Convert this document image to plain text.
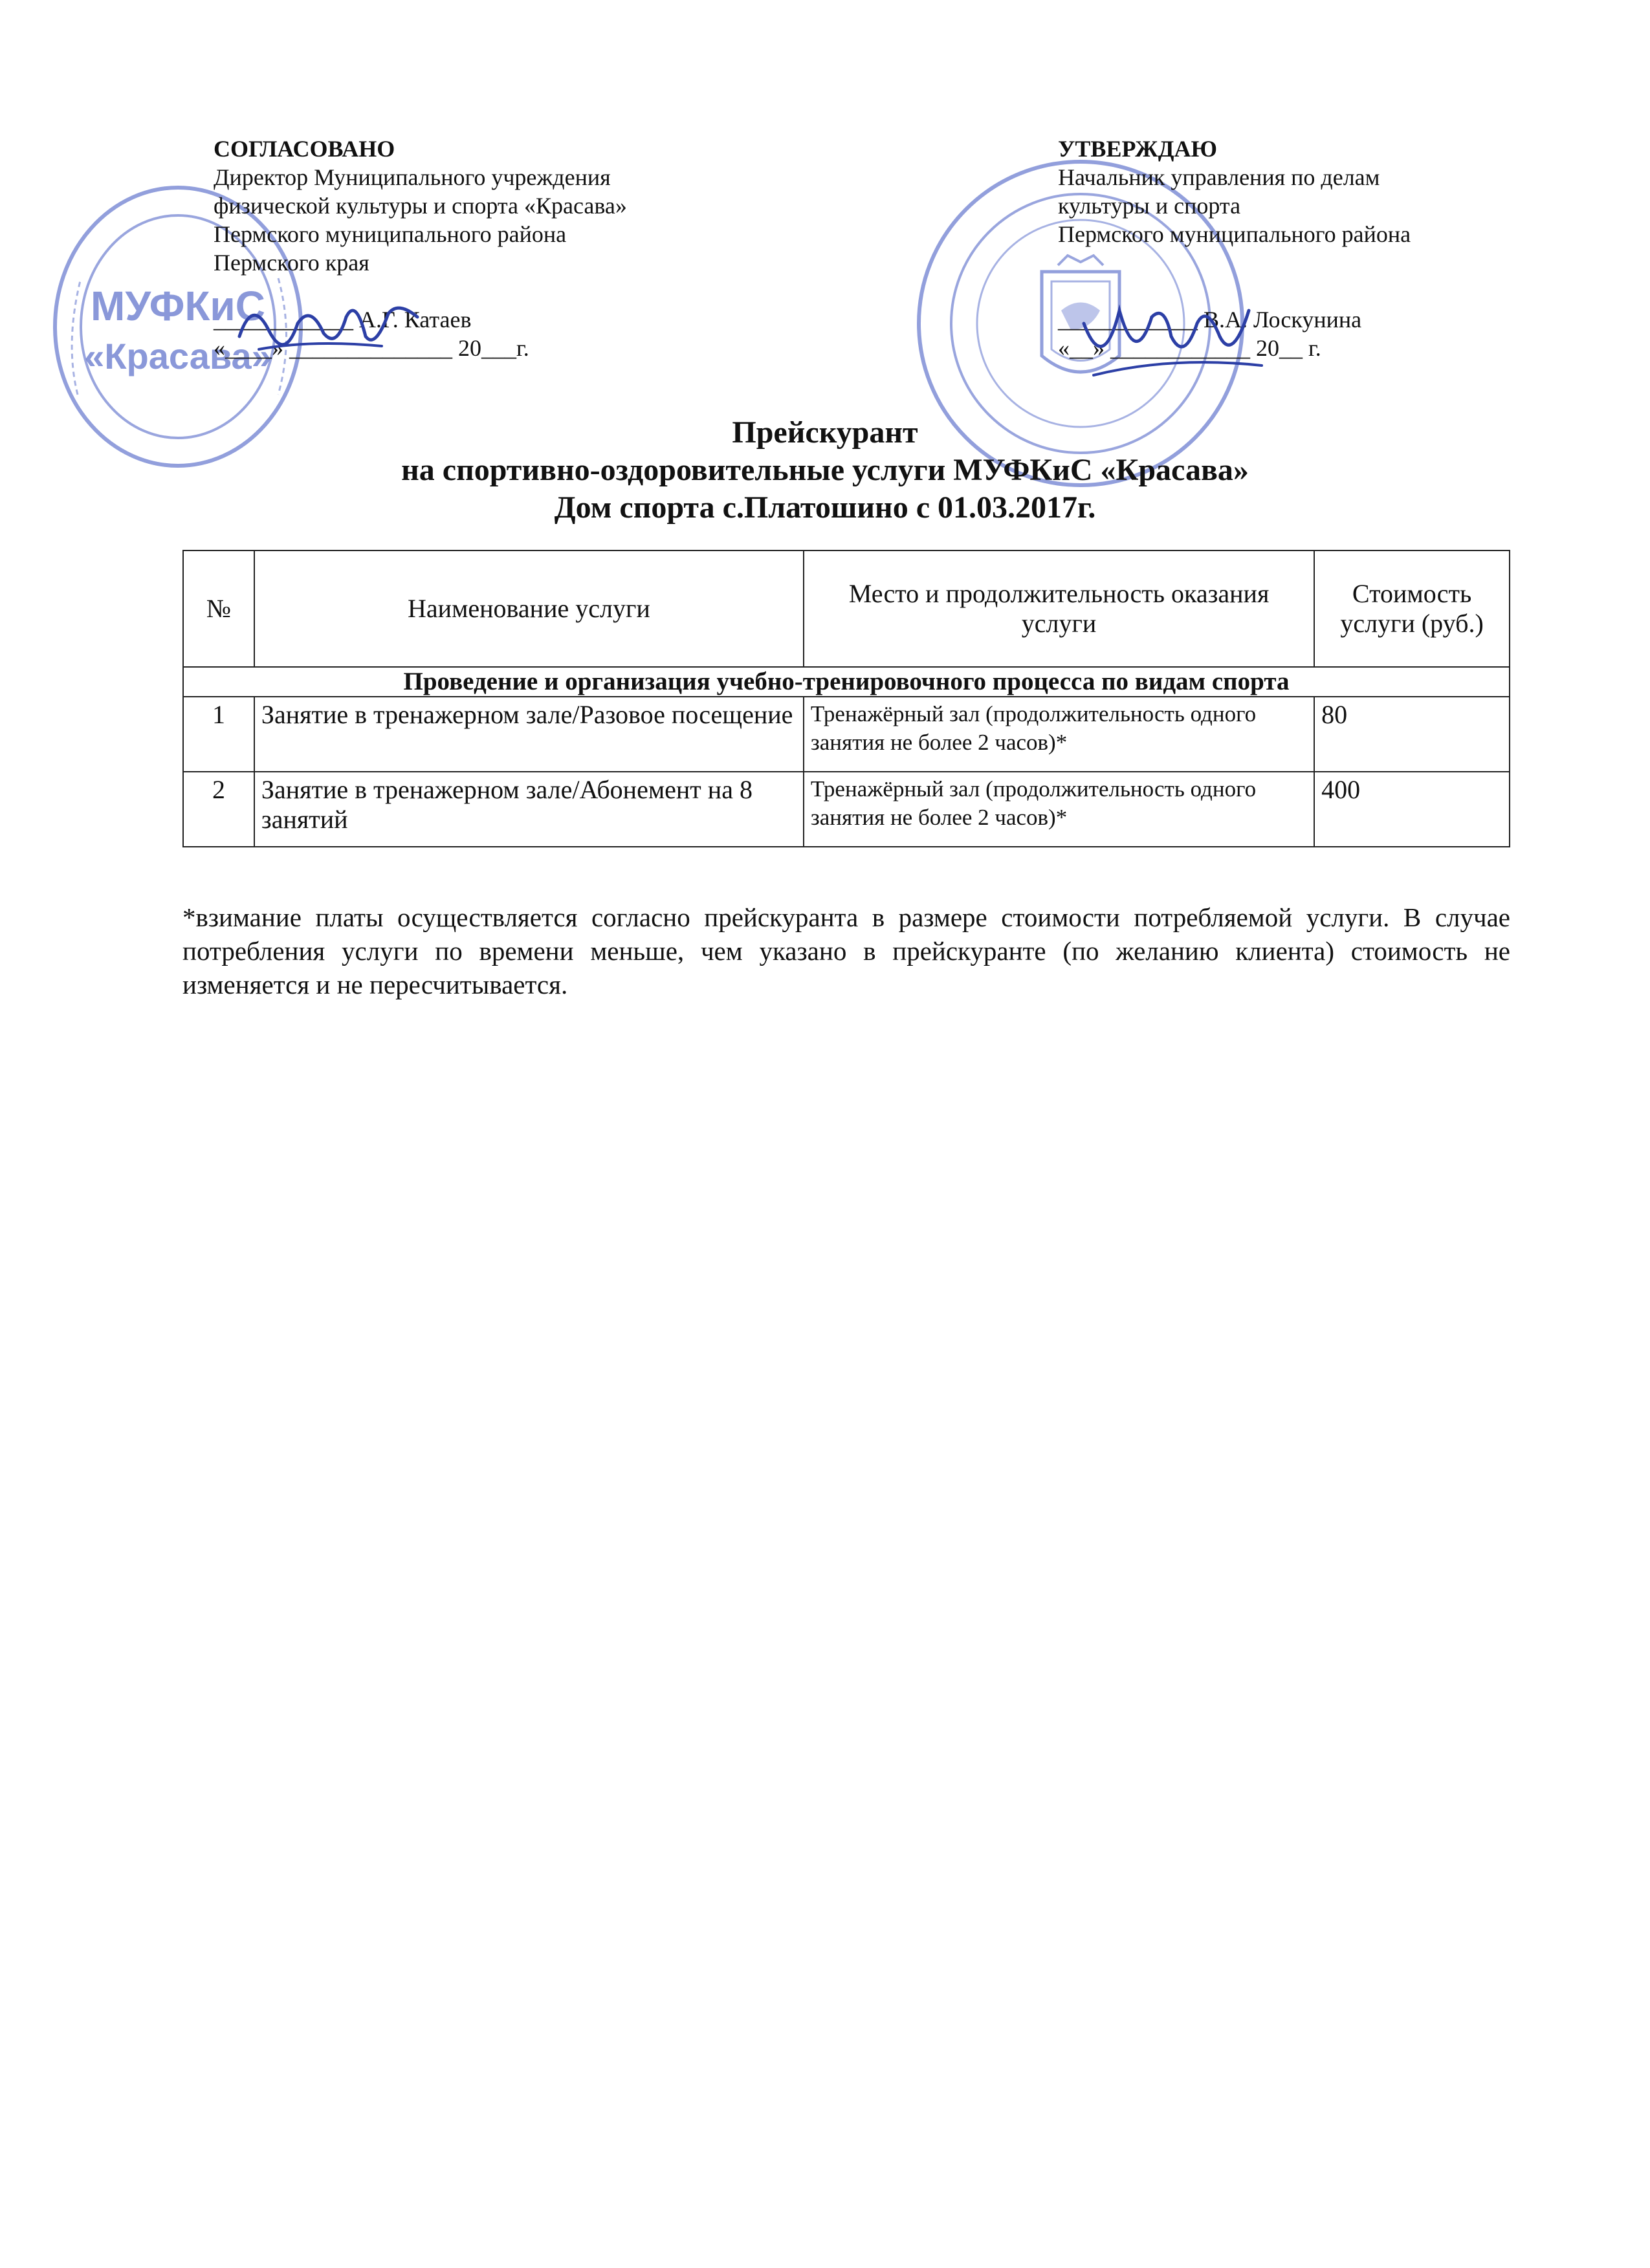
МУФКиС
«Красава»
СОГЛАСОВАНО
Директор Муниципального учреждения
физической культуры и спорта «Красава»
Пермского муниципального района
Пермского края
____________ А.Г. Катаев
«____» ______________ 20___г.
УТВЕРЖДАЮ
Начальник управления по делам
культуры и спорта
Пермского муниципального района
____________ В.А. Лоскунина
«__» ____________ 20__ г.
Прейскурант
на спортивно-оздоровительные услуги МУФКиС «Красава»
Дом спорта с.Платошино с 01.03.2017г.
№	Наименование услуги	Место и продолжительность оказания услуги	Стоимость услуги (руб.)
Проведение и организация учебно-тренировочного процесса по видам спорта			
1	Занятие в тренажерном зале/Разовое посещение	Тренажёрный зал (продолжительность одного занятия не более 2 часов)*	80
2	Занятие в тренажерном зале/Абонемент на 8 занятий	Тренажёрный зал (продолжительность одного занятия не более 2 часов)*	400
*взимание платы осуществляется согласно прейскуранта в размере стоимости потребляемой услуги. В случае потребления услуги по времени меньше, чем указано в прейскуранте (по желанию клиента) стоимость не изменяется и не пересчитывается.
